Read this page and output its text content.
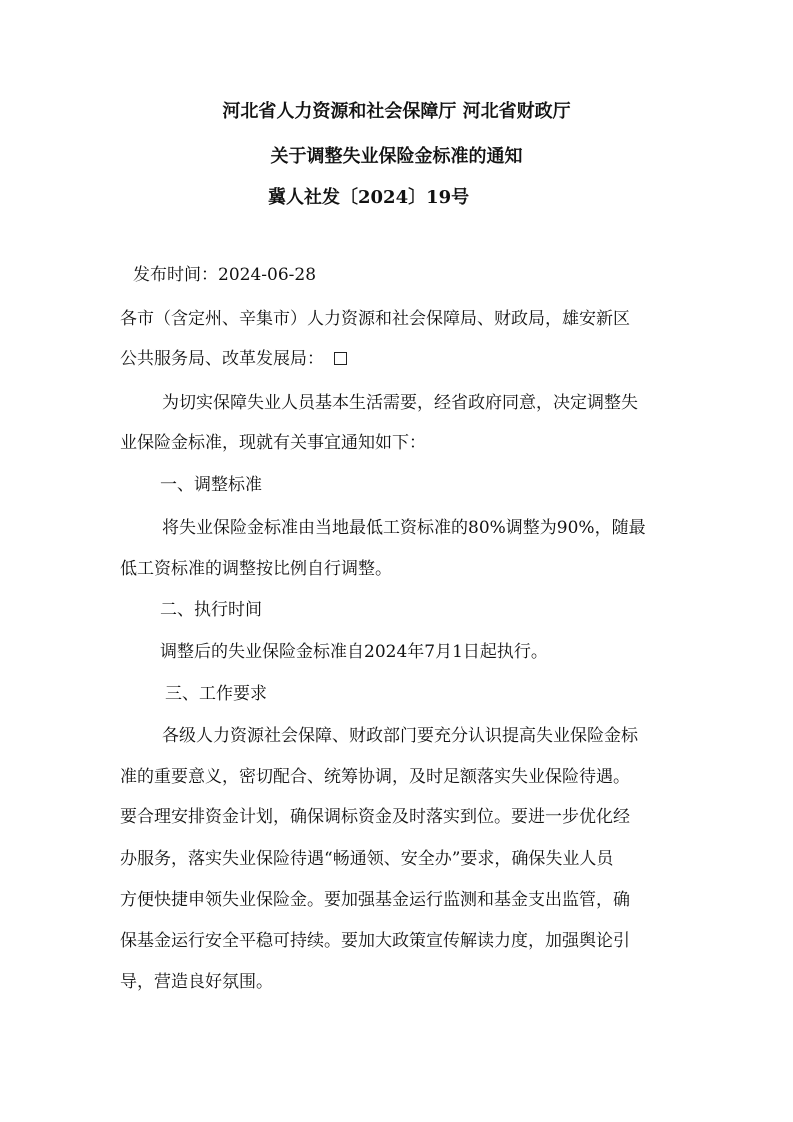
河北省人力资源和社会保障厅 河北省财政厅
关于调整失业保险金标准的通知
冀人社发〔2024〕19号
发布时间：2024-06-28
各市（含定州、辛集市）人力资源和社会保障局、财政局，雄安新区
公共服务局、改革发展局：
为切实保障失业人员基本生活需要，经省政府同意，决定调整失
业保险金标准，现就有关事宜通知如下：
一、调整标准
将失业保险金标准由当地最低工资标准的80%调整为90%，随最
低工资标准的调整按比例自行调整。
二、执行时间
调整后的失业保险金标准自2024年7月1日起执行。
三、工作要求
各级人力资源社会保障、财政部门要充分认识提高失业保险金标
准的重要意义，密切配合、统筹协调，及时足额落实失业保险待遇。
要合理安排资金计划，确保调标资金及时落实到位。要进一步优化经
办服务，落实失业保险待遇“畅通领、安全办”要求，确保失业人员
方便快捷申领失业保险金。要加强基金运行监测和基金支出监管，确
保基金运行安全平稳可持续。要加大政策宣传解读力度，加强舆论引
导，营造良好氛围。
